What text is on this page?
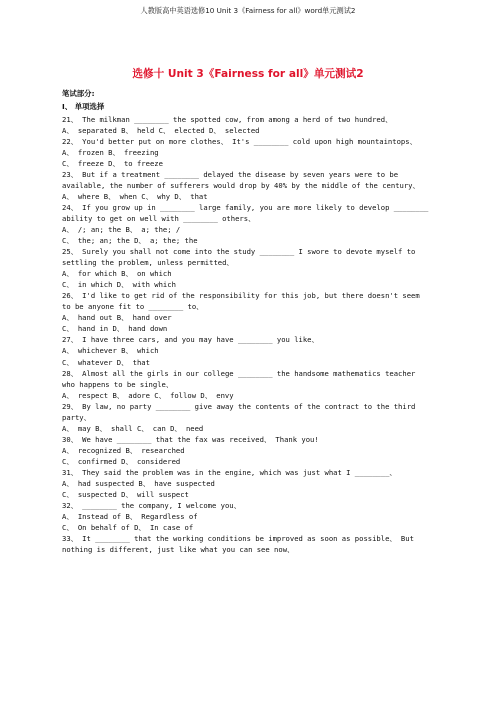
人教版高中英语选修10 Unit 3《Fairness for all》word单元测试2
选修十 Unit 3《Fairness for all》单元测试2
笔试部分:
I、 单项选择
21、 The milkman ________ the spotted cow, from among a herd of two hundred、
A、 separated B、 held C、 elected D、 selected
22、 You'd better put on more clothes、 It's ________ cold upon high mountaintops、
A、 frozen B、 freezing
C、 freeze D、 to freeze
23、 But if a treatment ________ delayed the disease by seven years were to be
available, the number of sufferers would drop by 40% by the middle of the century、
A、 where B、 when C、 why D、 that
24、 If you grow up in ________ large family, you are more likely to develop ________
ability to get on well with ________ others、
A、 /; an; the B、 a; the; /
C、 the; an; the D、 a; the; the
25、 Surely you shall not come into the study ________ I swore to devote myself to
settling the problem, unless permitted、
A、 for which B、 on which
C、 in which D、 with which
26、 I'd like to get rid of the responsibility for this job, but there doesn't seem
to be anyone fit to ________ to、
A、 hand out B、 hand over
C、 hand in D、 hand down
27、 I have three cars, and you may have ________ you like、
A、 whichever B、 which
C、 whatever D、 that
28、 Almost all the girls in our college ________ the handsome mathematics teacher
who happens to be single、
A、 respect B、 adore C、 follow D、 envy
29、 By law, no party ________ give away the contents of the contract to the third
party、
A、 may B、 shall C、 can D、 need
30、 We have ________ that the fax was received、 Thank you!
A、 recognized B、 researched
C、 confirmed D、 considered
31、 They said the problem was in the engine, which was just what I ________、
A、 had suspected B、 have suspected
C、 suspected D、 will suspect
32、 ________ the company, I welcome you、
A、 Instead of B、 Regardless of
C、 On behalf of D、 In case of
33、 It ________ that the working conditions be improved as soon as possible、 But
nothing is different, just like what you can see now、
